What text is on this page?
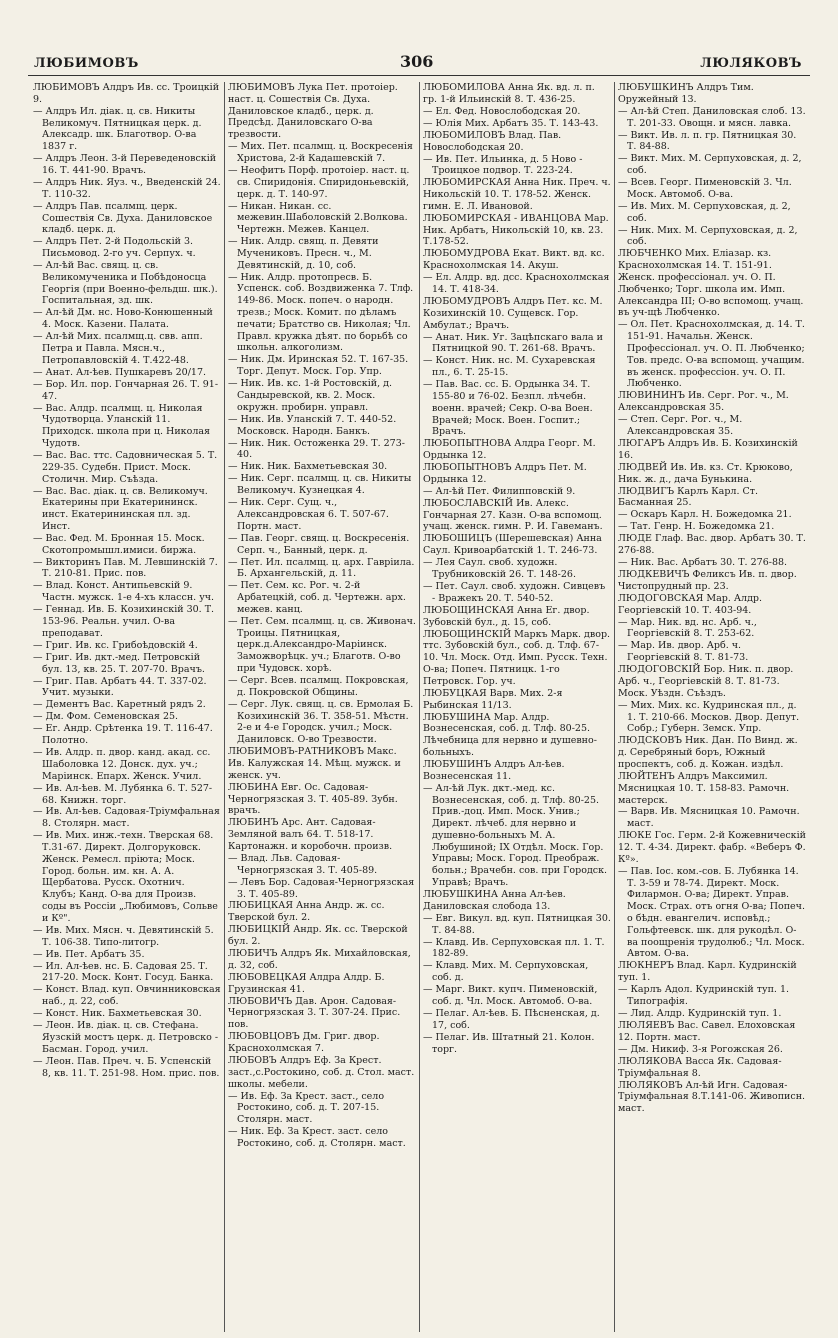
ЛЮБИМОВЪ	306	ЛЮЛЯКОВЪ

ЛЮБИМОВЪ Алдръ Ив. сс. Троицкій 9.

— Алдръ Ил. діак. ц. св. Никиты Великомуч. Пятницкая церк. д. Алексадр. шк. Благотвор. О-ва 1837 г.

— Алдръ Леон. 3-й Переведеновскій 16. Т. 441-90. Врачъ.

— Алдръ Ник. Яуз. ч., Введенскій 24. Т. 110-32.

— Алдръ Пав. псалмщ. церк. Сошествія Св. Духа. Даниловское кладб. церк. д.

— Алдръ Пет. 2-й Подольскій 3. Письмовод. 2-го уч. Серпух. ч.

— Ал-ѣй Вас. свящ. ц. св. Великомученика и Побѣдоносца Георгія (при Военно-фельдш. шк.). Госпитальная, зд. шк.

— Ал-ѣй Дм. нс. Ново-Конюшенный 4. Моск. Казени. Палата.

— Ал-ѣй Мих. псалмщ.ц. свв. апп. Петра и Павла. Мясн.ч., Петропавловскій 4. Т.422-48.

— Анат. Ал-ѣев. Пушкаревъ 20/17.

— Бор. Ил. пор. Гончарная 26. Т. 91-47.

— Вас. Алдр. псалмщ. ц. Николая Чудотворца. Уланскій 11. Приходск. школа при ц. Николая Чудотв.

— Вас. Вас. ттс. Садовническая 5. Т. 229-35. Судебн. Прист. Моск. Столичн. Мир. Съѣзда.

— Вас. Вас. діак. ц. св. Великомуч. Екатерины при Екатерининск. инст. Екатерининская пл. зд. Инст.

— Вас. Фед. М. Бронная 15. Моск. Скотопромышл.имиси. биржа.

— Викторинъ Пав. М. Левшинскій 7. Т. 210-81. Прис. пов.

— Влад. Конст. Антипьевскій 9. Частн. мужск. 1-е 4-хъ классн. уч.

— Геннад. Ив. Б. Козихинскій 30. Т. 153-96. Реальн. учил. О-ва преподават.

— Григ. Ив. кс. Грибоѣдовскій 4.

— Григ. Ив. дкт.-мед. Петровскій бул. 13, кв. 25. Т. 207-70. Врачъ.

— Григ. Пав. Арбатъ 44. Т. 337-02. Учит. музыки.

— Дементъ Вас. Каретный рядъ 2.

— Дм. Фом. Семеновская 25.

— Ег. Андр. Срѣтенка 19. Т. 116-47. Полотно.

— Ив. Алдр. п. двор. канд. акад. сс. Шаболовка 12. Донск. дух. уч.; Маріинск. Епарх. Женск. Учил.

— Ив. Ал-ѣев. М. Лубянка 6. Т. 527-68. Книжн. торг.

— Ив. Ал-ѣев. Садовая-Тріумфальная 8. Столярн. маст.

— Ив. Мих. инж.-техн. Тверская 68. Т.31-67. Директ. Долгоруковск. Женск. Ремесл. пріюта; Моск. Город. больн. им. кн. А. А. Щербатова. Русск. Охотнич. Клубъ; Канд. О-ва для Произв. соды въ Россіи „Любимовъ, Сольве и Кº".

— Ив. Мих. Мясн. ч. Девятинскій 5. Т. 106-38. Типо-литогр.

— Ив. Пет. Арбатъ 35.

— Ил. Ал-ѣев. нс. Б. Садовая 25. Т. 217-20. Моск. Конт. Госуд. Банка.

— Конст. Влад. куп. Овчинниковская наб., д. 22, соб.

— Конст. Ник. Бахметьевская 30.

— Леон. Ив. діак. ц. св. Стефана. Яузскій мостъ церк. д. Петровско - Басман. Город. учил.

— Леон. Пав. Преч. ч. Б. Успенскій 8, кв. 11. Т. 251-98. Ном. прис. пов.

ЛЮБИМОВЪ Лука Пет. протоіер. наст. ц. Сошествія Св. Духа. Даниловское кладб., церк. д. Предсѣд. Даниловскаго О-ва трезвости.

— Мих. Пет. псалмщ. ц. Воскресенія Христова, 2-й Кадашевскій 7.

— Неофитъ Порф. протоіер. наст. ц. св. Спиридонія. Спиридоньевскій, церк. д. Т. 140-97.

— Никан. Никан. сс. межевин.Шаболовскій 2.Волкова. Чертежн. Межев. Канцел.

— Ник. Алдр. свящ. п. Девяти Мучениковъ. Пресн. ч., М. Девятинскій, д. 10, соб.

— Ник. Алдр. протопресв. Б. Успенск. соб. Воздвиженка 7. Тлф. 149-86. Моск. попеч. о народн. трезв.; Моск. Комит. по дѣламъ печати; Братство св. Николая; Чл. Правл. кружка дѣят. по борьбѣ со школьн. алкоголизм.

— Ник. Дм. Иринская 52. Т. 167-35. Торг. Депут. Моск. Гор. Упр.

— Ник. Ив. кс. 1-й Ростовскій, д. Сандыревской, кв. 2. Моск. окружн. пробирн. управл.

— Ник. Ив. Уланскій 7. Т. 440-52. Московск. Народн. Банкъ.

— Ник. Ник. Остоженка 29. Т. 273-40.

— Ник. Ник. Бахметьевская 30.

— Ник. Серг. псалмщ. ц. св. Никиты Великомуч. Кузнецкая 4.

— Ник. Серг. Сущ. ч., Александровская 6. Т. 507-67. Портн. маст.

— Пав. Георг. свящ. ц. Воскресенія. Серп. ч., Банный, церк. д.

— Пет. Ил. псалмщ. ц. арх. Гавріила. Б. Архангельскій, д. 11.

— Пет. Сем. кс. Рог. ч. 2-й Арбатецкій, соб. д. Чертежн. арх. межев. канц.

— Пет. Сем. псалмщ. ц. св. Живонач. Троицы. Пятницкая, церк.д.Александро-Маріинск. Заможворѣцк. уч.; Благотв. О-во при Чудовск. хорѣ.

— Серг. Всев. псалмщ. Покровская, д. Покровской Общины.

— Серг. Лук. свящ. ц. св. Ермолая Б. Козихинскій 36. Т. 358-51. Мѣстн. 2-е и 4-е Городск. учил.; Моск. Даниловск. О-во Трезвости.

ЛЮБИМОВЪ-РАТНИКОВЪ Макс. Ив. Калужская 14. Мѣщ. мужск. и женск. уч.

ЛЮБИНА Евг. Ос. Садовая-Черногрязская 3. Т. 405-89. Зубн. врачъ.

ЛЮБИНЪ Арс. Ант. Садовая-Земляной валъ 64. Т. 518-17. Картонажн. и коробочн. произв.

— Влад. Льв. Садовая-Черногрязская 3. Т. 405-89.

— Левъ Бор. Садовая-Черногрязская 3. Т. 405-89.

ЛЮБИЦКАЯ Анна Андр. ж. сс. Тверской бул. 2.

ЛЮБИЦКІЙ Андр. Як. сс. Тверской бул. 2.

ЛЮБИЧЪ Алдръ Як. Михайловская, д. 32, соб.

ЛЮБОВЕЦКАЯ Алдра Алдр. Б. Грузинская 41.

ЛЮБОВИЧЪ Дав. Арон. Садовая-Черногрязская 3. Т. 307-24. Прис. пов.

ЛЮБОВЦОВЪ Дм. Григ. двор. Краснохолмская 7.

ЛЮБОВЪ Алдръ Еф. За Крест. заст.,с.Ростокино, соб. д. Стол. маст. школы. мебели.

— Ив. Еф. За Крест. заст., село Ростокино, соб. д. Т. 207-15. Столярн. маст.

— Ник. Еф. За Крест. заст. село Ростокино, соб. д. Столярн. маст.

ЛЮБОМИЛОВА Анна Як. вд. л. п. гр. 1-й Ильинскій 8. Т. 436-25.

— Ел. Фед. Новослободская 20.

— Юлія Мих. Арбатъ 35. Т. 143-43.

ЛЮБОМИЛОВЪ Влад. Пав. Новослободская 20.

— Ив. Пет. Ильинка, д. 5 Ново - Троицкое подвор. Т. 223-24.

ЛЮБОМИРСКАЯ Анна Ник. Преч. ч. Никольскій 10. Т. 178-52. Женск. гимн. Е. Л. Ивановой.

ЛЮБОМИРСКАЯ - ИВАНЦОВА Мар. Ник. Арбатъ, Никольскій 10, кв. 23. Т.178-52.

ЛЮБОМУДРОВА Екат. Викт. вд. кс. Краснохолмская 14. Акуш.

— Ел. Алдр. вд. дсс. Краснохолмская 14. Т. 418-34.

ЛЮБОМУДРОВЪ Алдръ Пет. кс. М. Козихинскій 10. Сущевск. Гор. Амбулат.; Врачъ.

— Анат. Ник. Уг. Зацѣпскаго вала и Пятницкой 90. Т. 261-68. Врачъ.

— Конст. Ник. нс. М. Сухаревская пл., 6. Т. 25-15.

— Пав. Вас. сс. Б. Ордынка 34. Т. 155-80 и 76-02. Безпл. лѣчебн. военн. врачей; Секр. О-ва Воен. Врачей; Моск. Воен. Госпит.; Врачъ.

ЛЮБОПЫТНОВА Алдра Георг. М. Ордынка 12.

ЛЮБОПЫТНОВЪ Алдръ Пет. М. Ордынка 12.

— Ал-ѣй Пет. Филипповскій 9.

ЛЮБОСЛАВСКІЙ Ив. Алекс. Гончарная 27. Казн. О-ва вспомощ. учащ. женск. гимн. Р. И. Гавеманъ.

ЛЮБОШИЦЪ (Шерешевская) Анна Саул. Кривоарбатскій 1. Т. 246-73.

— Лея Саул. своб. художн. Трубниковскій 26. Т. 148-26.

— Пет. Саул. своб. художн. Сивцевъ - Вражекъ 20. Т. 540-52.

ЛЮБОЩИНСКАЯ Анна Ег. двор. Зубовскій бул., д. 15, соб.

ЛЮБОЩИНСКІЙ Маркъ Марк. двор. ттс. Зубовскій бул., соб. д. Тлф. 67-10. Чл. Моск. Отд. Имп. Русск. Техн. О-ва; Попеч. Пятницк. 1-го Петровск. Гор. уч.

ЛЮБУЦКАЯ Варв. Мих. 2-я Рыбинская 11/13.

ЛЮБУШИНА Мар. Алдр. Вознесенская, соб. д. Тлф. 80-25. Лѣчебница для нервно и душевно-больныхъ.

ЛЮБУШИНЪ Алдръ Ал-ѣев. Вознесенская 11.

— Ал-ѣй Лук. дкт.-мед. кс. Вознесенская, соб. д. Тлф. 80-25. Прив.-доц. Имп. Моск. Унив.; Директ. лѣчеб. для нервно и душевно-больныхъ М. А. Любушиной; IX Отдѣл. Моск. Гор. Управы; Моск. Город. Преображ. больн.; Врачебн. сов. при Городск. Управѣ; Врачъ.

ЛЮБУШКИНА Анна Ал-ѣев. Даниловская слобода 13.

— Евг. Викул. вд. куп. Пятницкая 30. Т. 84-88.

— Клавд. Ив. Серпуховская пл. 1. Т. 182-89.

— Клавд. Мих. М. Серпуховская, соб. д.

— Марг. Викт. купч. Пименовскій, соб. д. Чл. Моск. Автомоб. О-ва.

— Пелаг. Ал-ѣев. Б. Пѣсненская, д. 17, соб.

— Пелаг. Ив. Штатный 21. Колон. торг.

ЛЮБУШКИНЪ Алдръ Тим. Оружейный 13.

— Ал-ѣй Степ. Даниловская слоб. 13. Т. 201-33. Овощн. и мясн. лавка.

— Викт. Ив. л. п. гр. Пятницкая 30. Т. 84-88.

— Викт. Мих. М. Серпуховская, д. 2, соб.

— Всев. Георг. Пименовскій 3. Чл. Моск. Автомоб. О-ва.

— Ив. Мих. М. Серпуховская, д. 2, соб.

— Ник. Мих. М. Серпуховская, д. 2, соб.

ЛЮБЧЕНКО Мих. Еліазар. кз. Краснохолмская 14. Т. 151-91. Женск. профессіонал. уч. О. П. Любченко; Торг. школа им. Имп. Александра III; О-во вспомощ. учащ. въ уч-щѣ Любченко.

— Ол. Пет. Краснохолмская, д. 14. Т. 151-91. Начальн. Женск. Профессіонал. уч. О. П. Любченко; Тов. предс. О-ва вспомощ. учащим. въ женск. профессіон. уч. О. П. Любченко.

ЛЮВИНИНЪ Ив. Серг. Рог. ч., М. Александровская 35.

— Степ. Серг. Рог. ч., М. Александровская 35.

ЛЮГАРЪ Алдръ Ив. Б. Козихинскій 16.

ЛЮДВЕЙ Ив. Ив. кз. Ст. Крюково, Ник. ж. д., дача Бунькина.

ЛЮДВИГЪ Карлъ Карл. Ст. Басманная 25.

— Оскаръ Карл. Н. Божедомка 21.

— Тат. Генр. Н. Божедомка 21.

ЛЮДЕ Глаф. Вас. двор. Арбатъ 30. Т. 276-88.

— Ник. Вас. Арбатъ 30. Т. 276-88.

ЛЮДКЕВИЧЪ Феликсъ Ив. п. двор. Чистопрудный пр. 23.

ЛЮДОГОВСКАЯ Мар. Алдр. Георгіевскій 10. Т. 403-94.

— Мар. Ник. вд. нс. Арб. ч., Георгіевскій 8. Т. 253-62.

— Мар. Ив. двор. Арб. ч. Георгіевскій 8. Т. 81-73.

ЛЮДОГОВСКІЙ Бор. Ник. п. двор. Арб. ч., Георгіевскій 8. Т. 81-73. Моск. Уѣздн. Съѣздъ.

— Мих. Мих. кс. Кудринская пл., д. 1. Т. 210-66. Москов. Двор. Депут. Собр.; Губерн. Земск. Упр.

ЛЮДСКОВЪ Ник. Дан. По Винд. ж. д. Серебряный боръ, Южный проспектъ, соб. д. Кожан. издѣл.

ЛЮЙТЕНЪ Алдръ Максимил. Мясницкая 10. Т. 158-83. Рамочн. мастерск.

— Варв. Ив. Мясницкая 10. Рамочн. маст.

ЛЮКЕ Гос. Герм. 2-й Кожевническій 12. Т. 4-34. Директ. фабр. «Веберъ Ф. Кº».

— Пав. Іос. ком.-сов. Б. Лубянка 14. Т. 3-59 и 78-74. Директ. Моск. Филармон. О-ва; Директ. Управ. Моск. Страх. отъ огня О-ва; Попеч. о бѣдн. евангелич. исповѣд.; Гольфтеевск. шк. для рукодѣл. О-ва поощренія трудолюб.; Чл. Моск. Автом. О-ва.

ЛЮКНЕРЪ Влад. Карл. Кудринскій туп. 1.

— Карлъ Адол. Кудринскій туп. 1. Типографія.

— Лид. Алдр. Кудринскій туп. 1.

ЛЮЛЯЕВЪ Вас. Савел. Елоховская 12. Портн. маст.

— Дм. Никиф. 3-я Рогожская 26.

ЛЮЛЯКОВА Васса Як. Садовая-Тріумфальная 8.

ЛЮЛЯКОВЪ Ал-ѣй Игн. Садовая-Тріумфальная 8.Т.141-06. Живописн. маст.
